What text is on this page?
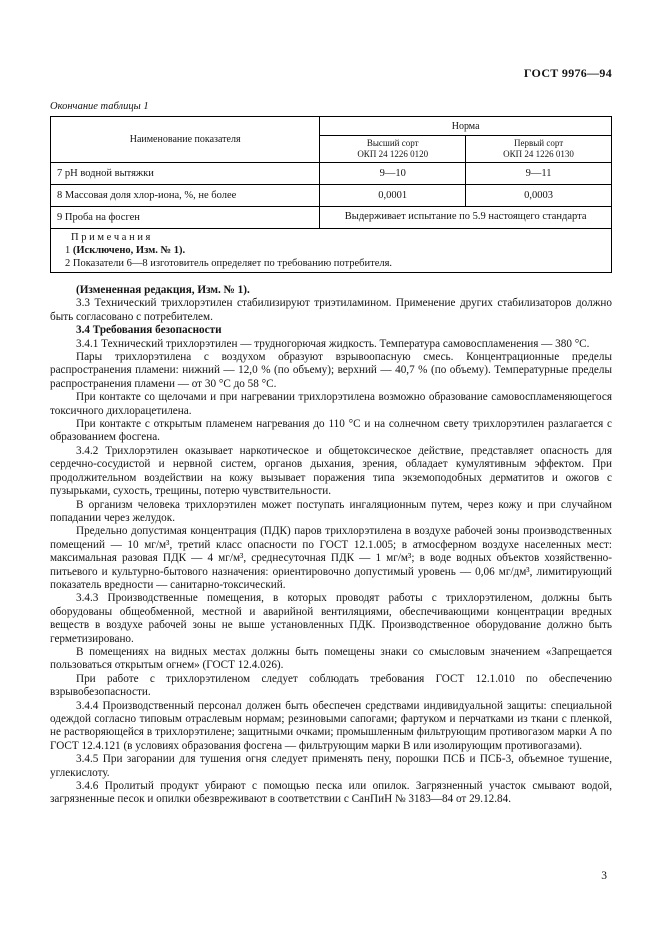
ГОСТ 9976—94
Окончание таблицы 1
Наименование показателя	Норма	

Высший сорт
ОКП 24 1226 0120

Первый сорт
ОКП 24 1226 0130

7 рН водной вытяжки	9—10	9—11
8 Массовая доля хлор-иона, %, не более	0,0001	0,0003
9 Проба на фосген	Выдерживает испытание по 5.9 настоящего стандарта	

П р и м е ч а н и я
1 (Исключено, Изм. № 1).
2 Показатели 6—8 изготовитель определяет по требованию потребителя.		

(Измененная редакция, Изм. № 1).

3.3 Технический трихлорэтилен стабилизируют триэтиламином. Применение других стабилизаторов должно быть согласовано с потребителем.

3.4 Требования безопасности

3.4.1 Технический трихлорэтилен — трудногорючая жидкость. Температура самовоспламенения — 380 °С.

Пары трихлорэтилена с воздухом образуют взрывоопасную смесь. Концентрационные пределы распространения пламени: нижний — 12,0 % (по объему); верхний — 40,7 % (по объему). Температурные пределы распространения пламени — от 30 °С до 58 °С.

При контакте со щелочами и при нагревании трихлорэтилена возможно образование самовоспламеняющегося токсичного дихлорацетилена.

При контакте с открытым пламенем нагревания до 110 °С и на солнечном свету трихлорэтилен разлагается с образованием фосгена.

3.4.2 Трихлорэтилен оказывает наркотическое и общетоксическое действие, представляет опасность для сердечно-сосудистой и нервной систем, органов дыхания, зрения, обладает кумулятивным эффектом. При продолжительном воздействии на кожу вызывает поражения типа экземоподобных дерматитов и ожогов с пузырьками, сухость, трещины, потерю чувствительности.

В организм человека трихлорэтилен может поступать ингаляционным путем, через кожу и при случайном попадании через желудок.

Предельно допустимая концентрация (ПДК) паров трихлорэтилена в воздухе рабочей зоны производственных помещений — 10 мг/м³, третий класс опасности по ГОСТ 12.1.005; в атмосферном воздухе населенных мест: максимальная разовая ПДК — 4 мг/м³, среднесуточная ПДК — 1 мг/м³; в воде водных объектов хозяйственно-питьевого и культурно-бытового назначения: ориентировочно допустимый уровень — 0,06 мг/дм³, лимитирующий показатель вредности — санитарно-токсический.

3.4.3 Производственные помещения, в которых проводят работы с трихлорэтиленом, должны быть оборудованы общеобменной, местной и аварийной вентиляциями, обеспечивающими концентрации вредных веществ в воздухе рабочей зоны не выше установленных ПДК. Производственное оборудование должно быть герметизировано.

В помещениях на видных местах должны быть помещены знаки со смысловым значением «Запрещается пользоваться открытым огнем» (ГОСТ 12.4.026).

При работе с трихлорэтиленом следует соблюдать требования ГОСТ 12.1.010 по обеспечению взрывобезопасности.

3.4.4 Производственный персонал должен быть обеспечен средствами индивидуальной защиты: специальной одеждой согласно типовым отраслевым нормам; резиновыми сапогами; фартуком и перчатками из ткани с пленкой, не растворяющейся в трихлорэтилене; защитными очками; промышленным фильтрующим противогазом марки А по ГОСТ 12.4.121 (в условиях образования фосгена — фильтрующим марки В или изолирующим противогазами).

3.4.5 При загорании для тушения огня следует применять пену, порошки ПСБ и ПСБ-3, объемное тушение, углекислоту.

3.4.6 Пролитый продукт убирают с помощью песка или опилок. Загрязненный участок смывают водой, загрязненные песок и опилки обезвреживают в соответствии с СанПиН № 3183—84 от 29.12.84.

3
